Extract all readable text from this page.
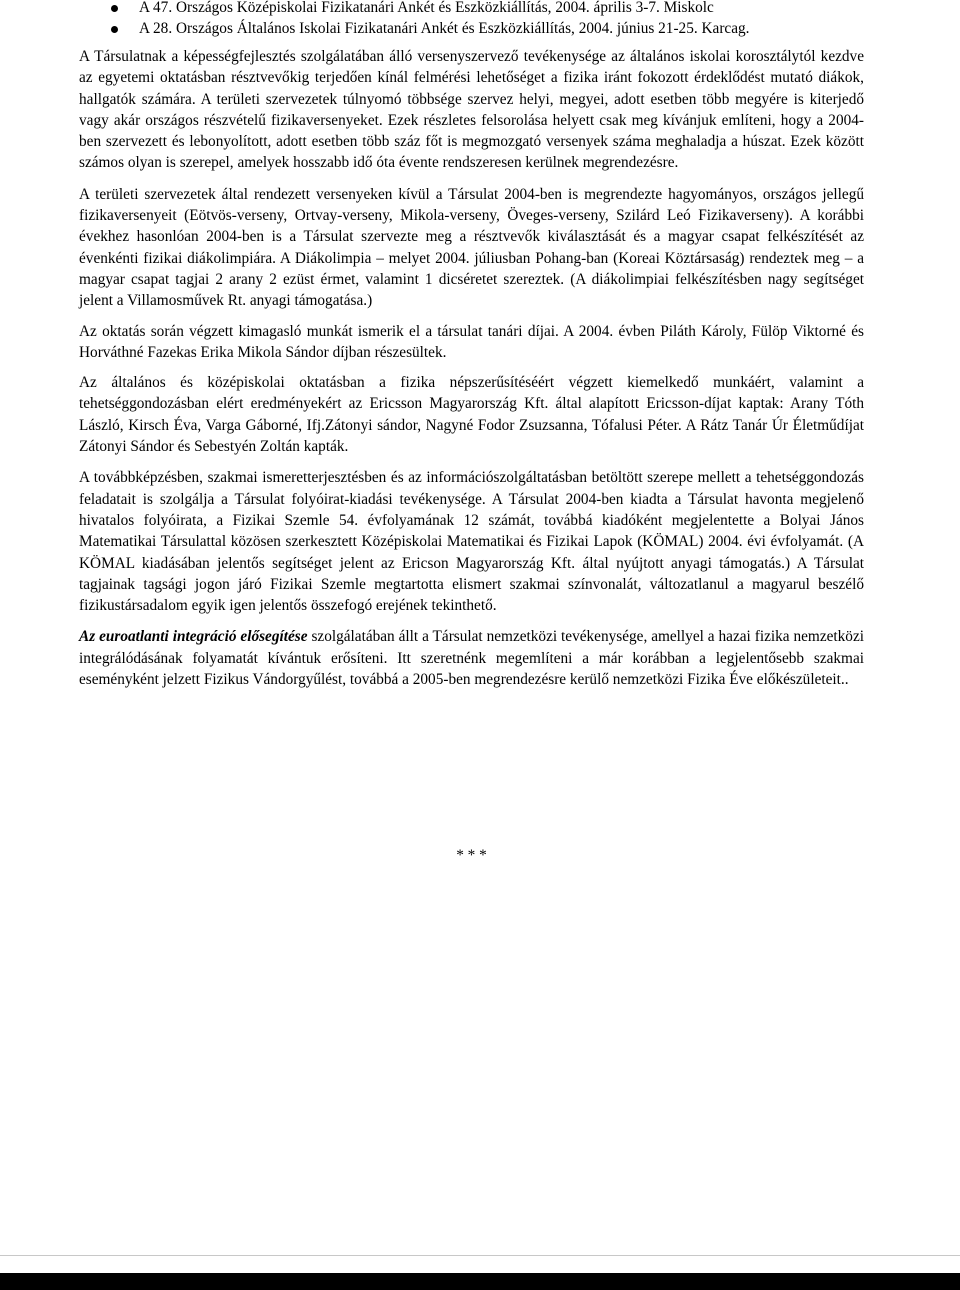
A 47. Országos Középiskolai Fizikatanári Ankét és Eszközkiállítás, 2004. április 3-7. Miskolc
A 28. Országos Általános Iskolai Fizikatanári Ankét és Eszközkiállítás, 2004. június 21-25. Karcag.

A Társulatnak a képességfejlesztés szolgálatában álló versenyszervező tevékenysége az általános iskolai korosztálytól kezdve az egyetemi oktatásban résztvevőkig terjedően kínál felmérési lehetőséget a fizika iránt fokozott érdeklődést mutató diákok, hallgatók számára. A területi szervezetek túlnyomó többsége szervez helyi, megyei, adott esetben több megyére is kiterjedő vagy akár országos részvételű fizikaversenyeket. Ezek részletes felsorolása helyett csak meg kívánjuk említeni, hogy a 2004-ben szervezett és lebonyolított, adott esetben több száz főt is megmozgató versenyek száma meghaladja a húszat. Ezek között számos olyan is szerepel, amelyek hosszabb idő óta évente rendszeresen kerülnek megrendezésre.

A területi szervezetek által rendezett versenyeken kívül a Társulat 2004-ben is megrendezte hagyományos, országos jellegű fizikaversenyeit (Eötvös-verseny, Ortvay-verseny, Mikola-verseny, Öveges-verseny, Szilárd Leó Fizikaverseny). A korábbi évekhez hasonlóan 2004-ben is a Társulat szervezte meg a résztvevők kiválasztását és a magyar csapat felkészítését az évenkénti fizikai diákolimpiára. A Diákolimpia – melyet 2004. júliusban Pohang-ban (Koreai Köztársaság) rendeztek meg – a magyar csapat tagjai 2 arany 2 ezüst érmet, valamint 1 dicséretet szereztek. (A diákolimpiai felkészítésben nagy segítséget jelent a Villamosművek Rt. anyagi támogatása.)

Az oktatás során végzett kimagasló munkát ismerik el a társulat tanári díjai. A 2004. évben Piláth Károly, Fülöp Viktorné és Horváthné Fazekas Erika Mikola Sándor díjban részesültek.

Az általános és középiskolai oktatásban a fizika népszerűsítéséért végzett kiemelkedő munkáért, valamint a tehetséggondozásban elért eredményekért az Ericsson Magyarország Kft. által alapított Ericsson-díjat kaptak: Arany Tóth László, Kirsch Éva, Varga Gáborné, Ifj.Zátonyi sándor, Nagyné Fodor Zsuzsanna, Tófalusi Péter. A Rátz Tanár Úr Életműdíjat Zátonyi Sándor és Sebestyén Zoltán kapták.

A továbbképzésben, szakmai ismeretterjesztésben és az információszolgáltatásban betöltött szerepe mellett a tehetséggondozás feladatait is szolgálja a Társulat folyóirat-kiadási tevékenysége. A Társulat 2004-ben kiadta a Társulat havonta megjelenő hivatalos folyóirata, a Fizikai Szemle 54. évfolyamának 12 számát, továbbá kiadóként megjelentette a Bolyai János Matematikai Társulattal közösen szerkesztett Középiskolai Matematikai és Fizikai Lapok (KÖMAL) 2004. évi évfolyamát. (A KÖMAL kiadásában jelentős segítséget jelent az Ericson Magyarország Kft. által nyújtott anyagi támogatás.) A Társulat tagjainak tagsági jogon járó Fizikai Szemle megtartotta elismert szakmai színvonalát, változatlanul a magyarul beszélő fizikustársadalom egyik igen jelentős összefogó erejének tekinthető.

Az euroatlanti integráció elősegítése szolgálatában állt a Társulat nemzetközi tevékenysége, amellyel a hazai fizika nemzetközi integrálódásának folyamatát kívántuk erősíteni. Itt szeretnénk megemlíteni a már korábban a legjelentősebb szakmai eseményként jelzett Fizikus Vándorgyűlést, továbbá a 2005-ben megrendezésre kerülő nemzetközi Fizika Éve előkészületeit..

* * *
